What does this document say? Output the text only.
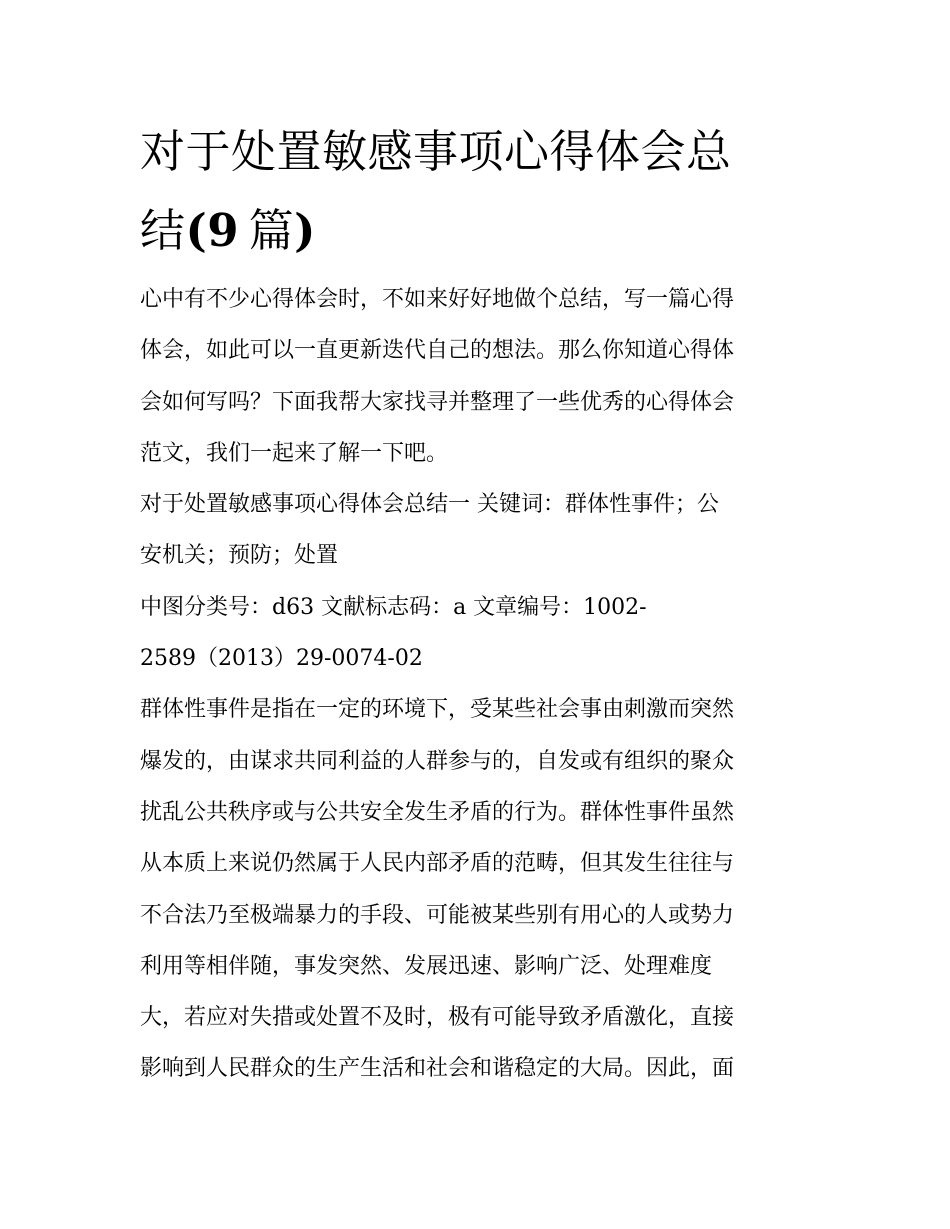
对于处置敏感事项心得体会总
结(9  篇)
心中有不少心得体会时，不如来好好地做个总结，写一篇心得
体会，如此可以一直更新迭代自己的想法。那么你知道心得体
会如何写吗？下面我帮大家找寻并整理了一些优秀的心得体会
范文，我们一起来了解一下吧。
对于处置敏感事项心得体会总结一 关键词：群体性事件；公
安机关；预防；处置
中图分类号：d63 文献标志码：a 文章编号：1002-
2589（2013）29-0074-02
群体性事件是指在一定的环境下，受某些社会事由刺激而突然
爆发的，由谋求共同利益的人群参与的，自发或有组织的聚众
扰乱公共秩序或与公共安全发生矛盾的行为。群体性事件虽然
从本质上来说仍然属于人民内部矛盾的范畴，但其发生往往与
不合法乃至极端暴力的手段、可能被某些别有用心的人或势力
利用等相伴随，事发突然、发展迅速、影响广泛、处理难度
大，若应对失措或处置不及时，极有可能导致矛盾激化，直接
影响到人民群众的生产生活和社会和谐稳定的大局。因此，面
